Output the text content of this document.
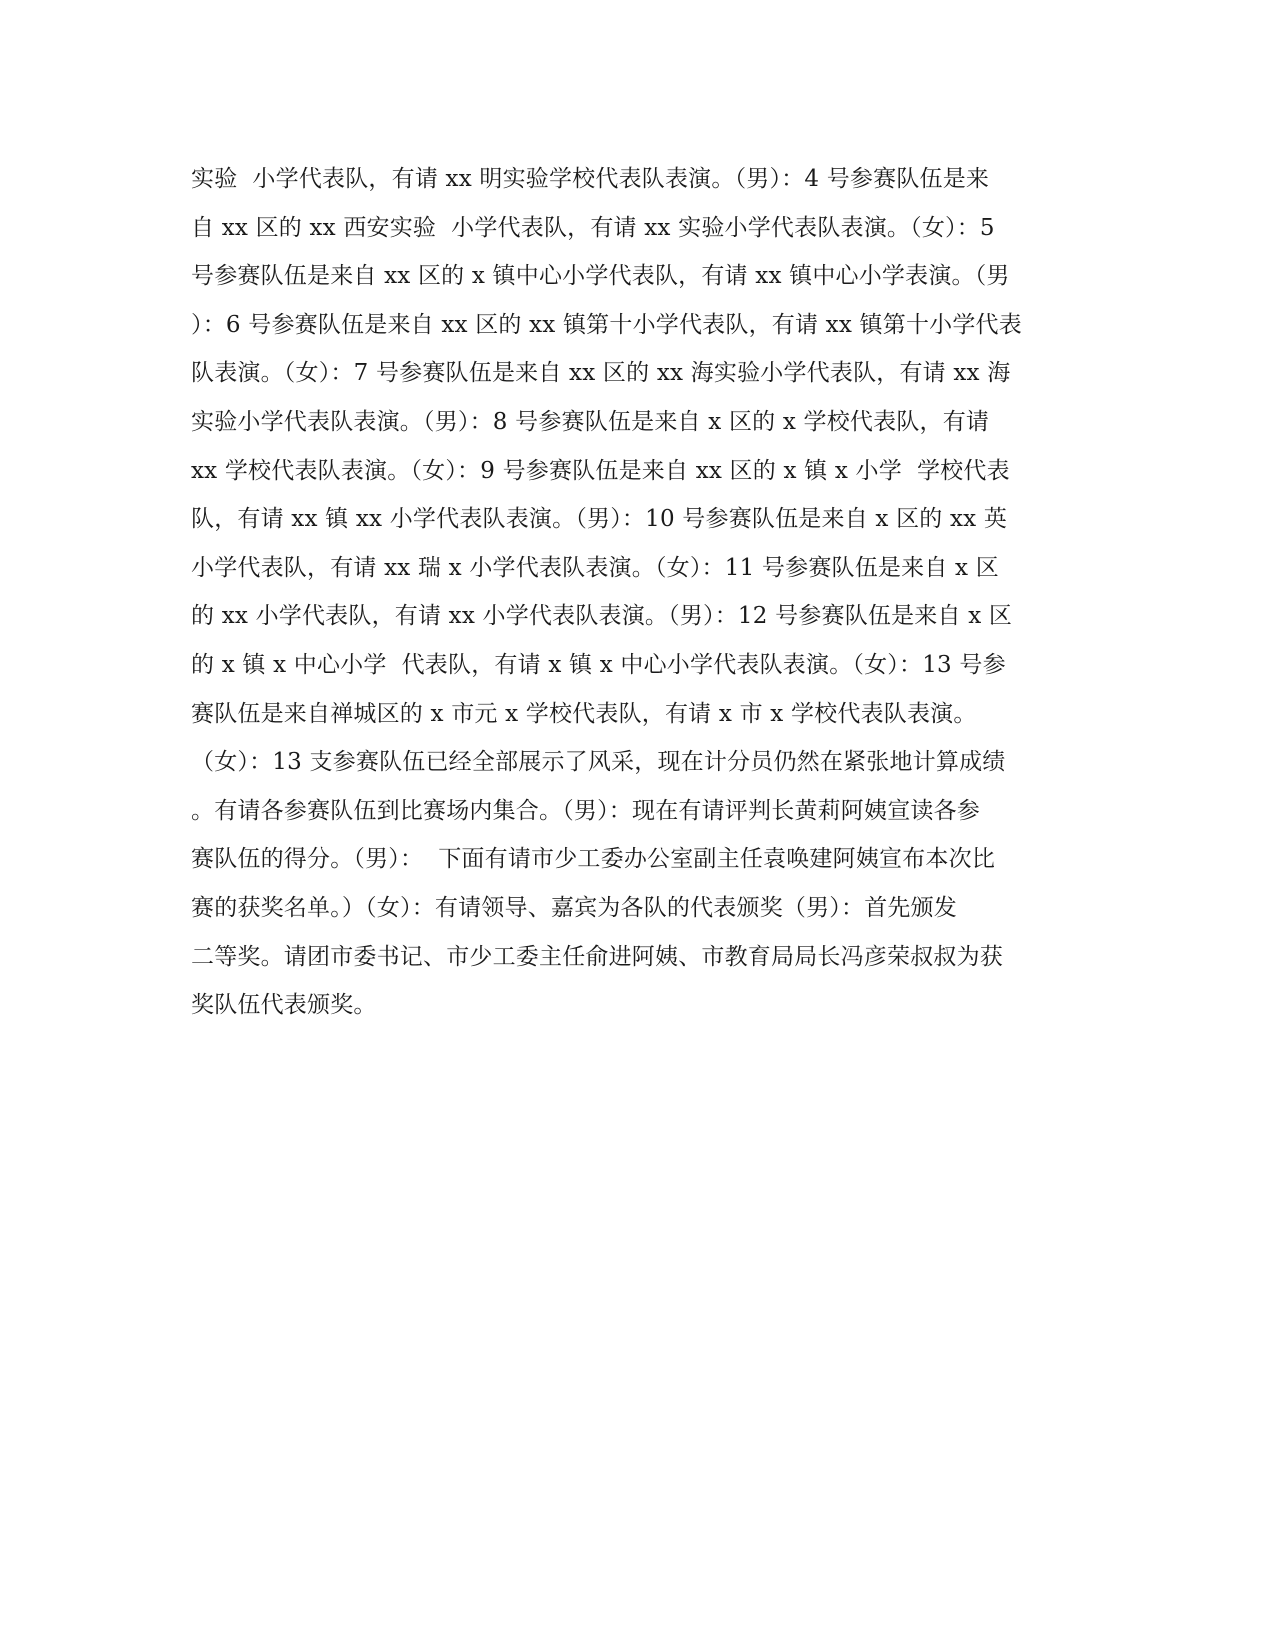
实验  小学代表队，有请 xx 明实验学校代表队表演。（男）：4 号参赛队伍是来
自 xx 区的 xx 西安实验  小学代表队，有请 xx 实验小学代表队表演。（女）：5
号参赛队伍是来自 xx 区的 x 镇中心小学代表队，有请 xx 镇中心小学表演。（男
）：6 号参赛队伍是来自 xx 区的 xx 镇第十小学代表队，有请 xx 镇第十小学代表
队表演。（女）：7 号参赛队伍是来自 xx 区的 xx 海实验小学代表队，有请 xx 海
实验小学代表队表演。（男）：8 号参赛队伍是来自 x 区的 x 学校代表队，有请
xx 学校代表队表演。（女）：9 号参赛队伍是来自 xx 区的 x 镇 x 小学  学校代表
队，有请 xx 镇 xx 小学代表队表演。（男）：10 号参赛队伍是来自 x 区的 xx 英
小学代表队，有请 xx 瑞 x 小学代表队表演。（女）：11 号参赛队伍是来自 x 区
的 xx 小学代表队，有请 xx 小学代表队表演。（男）：12 号参赛队伍是来自 x 区
的 x 镇 x 中心小学  代表队，有请 x 镇 x 中心小学代表队表演。（女）：13 号参
赛队伍是来自禅城区的 x 市元 x 学校代表队，有请 x 市 x 学校代表队表演。
（女）：13 支参赛队伍已经全部展示了风采，现在计分员仍然在紧张地计算成绩
。有请各参赛队伍到比赛场内集合。（男）：现在有请评判长黄莉阿姨宣读各参
赛队伍的得分。（男）：  下面有请市少工委办公室副主任袁唤建阿姨宣布本次比
赛的获奖名单。）（女）：有请领导、嘉宾为各队的代表颁奖（男）：首先颁发
二等奖。请团市委书记、市少工委主任俞进阿姨、市教育局局长冯彦荣叔叔为获
奖队伍代表颁奖。
